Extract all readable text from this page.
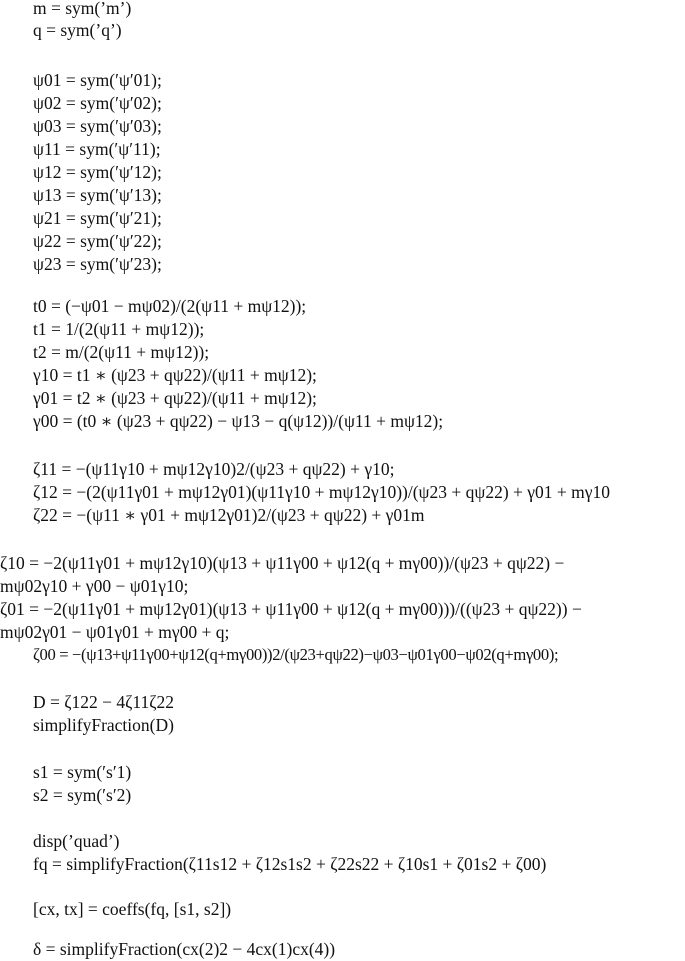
m = sym(’m’)
q = sym(’q’)
ψ01 = sym(′ψ′01);
ψ02 = sym(′ψ′02);
ψ03 = sym(′ψ′03);
ψ11 = sym(′ψ′11);
ψ12 = sym(′ψ′12);
ψ13 = sym(′ψ′13);
ψ21 = sym(′ψ′21);
ψ22 = sym(′ψ′22);
ψ23 = sym(′ψ′23);
t0 = (−ψ01 − mψ02)/(2(ψ11 + mψ12));
t1 = 1/(2(ψ11 + mψ12));
t2 = m/(2(ψ11 + mψ12));
γ10 = t1 ∗ (ψ23 + qψ22)/(ψ11 + mψ12);
γ01 = t2 ∗ (ψ23 + qψ22)/(ψ11 + mψ12);
γ00 = (t0 ∗ (ψ23 + qψ22) − ψ13 − q(ψ12))/(ψ11 + mψ12);
ζ11 = −(ψ11γ10 + mψ12γ10)2/(ψ23 + qψ22) + γ10;
ζ12 = −(2(ψ11γ01 + mψ12γ01)(ψ11γ10 + mψ12γ10))/(ψ23 + qψ22) + γ01 + mγ10
ζ22 = −(ψ11 ∗ γ01 + mψ12γ01)2/(ψ23 + qψ22) + γ01m
ζ10 = −2(ψ11γ01 + mψ12γ10)(ψ13 + ψ11γ00 + ψ12(q + mγ00))/(ψ23 + qψ22) −
mψ02γ10 + γ00 − ψ01γ10;
ζ01 = −2(ψ11γ01 + mψ12γ01)(ψ13 + ψ11γ00 + ψ12(q + mγ00)))/((ψ23 + qψ22)) −
mψ02γ01 − ψ01γ01 + mγ00 + q;
ζ00 = −(ψ13+ψ11γ00+ψ12(q+mγ00))2/(ψ23+qψ22)−ψ03−ψ01γ00−ψ02(q+mγ00);
D = ζ122 − 4ζ11ζ22
simplifyFraction(D)
s1 = sym(′s′1)
s2 = sym(′s′2)
disp(’quad’)
fq = simplifyFraction(ζ11s12 + ζ12s1s2 + ζ22s22 + ζ10s1 + ζ01s2 + ζ00)
[cx, tx] = coeffs(fq, [s1, s2])
δ = simplifyFraction(cx(2)2 − 4cx(1)cx(4))
